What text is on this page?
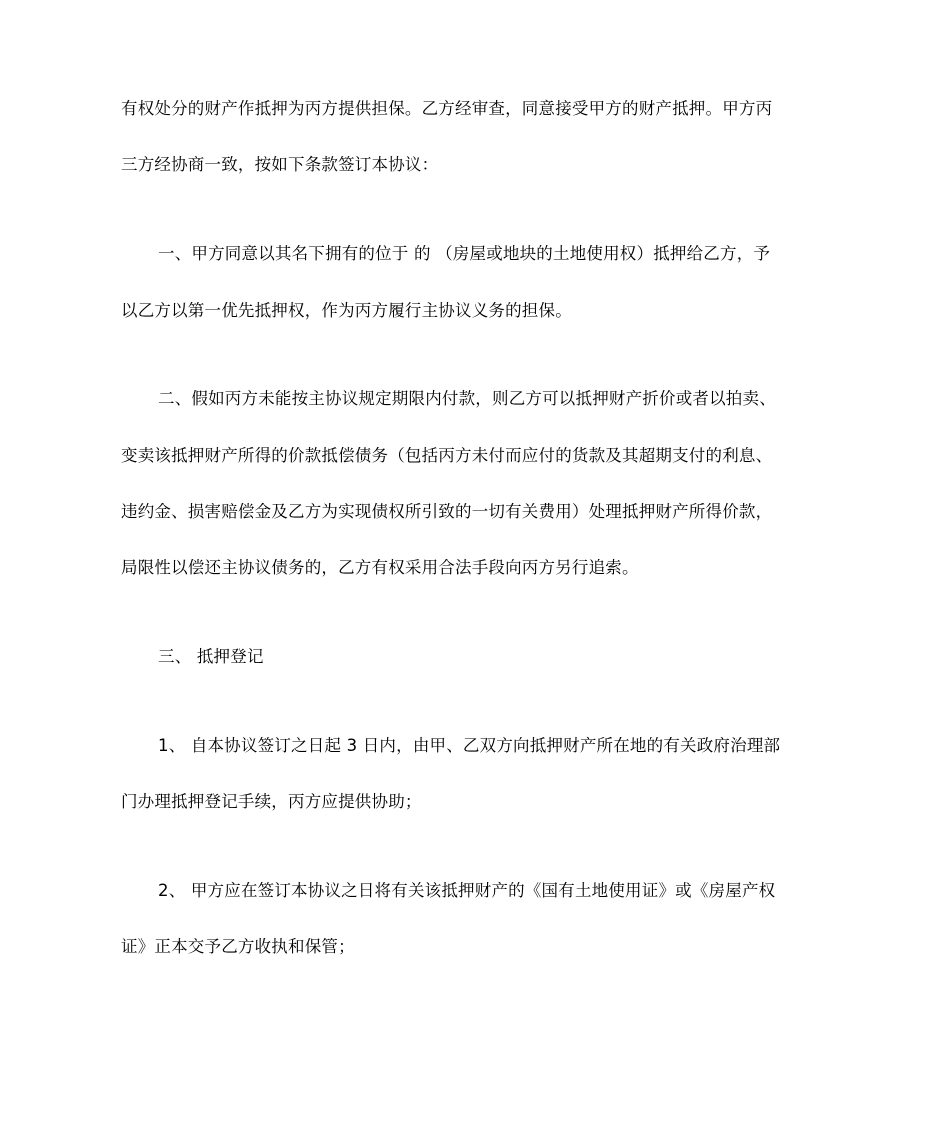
有权处分的财产作抵押为丙方提供担保。乙方经审查，同意接受甲方的财产抵押。甲方丙
三方经协商一致，按如下条款签订本协议：
一、甲方同意以其名下拥有的位于 的 （房屋或地块的土地使用权）抵押给乙方，予
以乙方以第一优先抵押权，作为丙方履行主协议义务的担保。
二、假如丙方未能按主协议规定期限内付款，则乙方可以抵押财产折价或者以拍卖、
变卖该抵押财产所得的价款抵偿债务（包括丙方未付而应付的货款及其超期支付的利息、
违约金、损害赔偿金及乙方为实现债权所引致的一切有关费用）处理抵押财产所得价款，
局限性以偿还主协议债务的，乙方有权采用合法手段向丙方另行追索。
三、 抵押登记
1、 自本协议签订之日起 3 日内，由甲、乙双方向抵押财产所在地的有关政府治理部
门办理抵押登记手续，丙方应提供协助；
2、 甲方应在签订本协议之日将有关该抵押财产的《国有土地使用证》或《房屋产权
证》正本交予乙方收执和保管；
